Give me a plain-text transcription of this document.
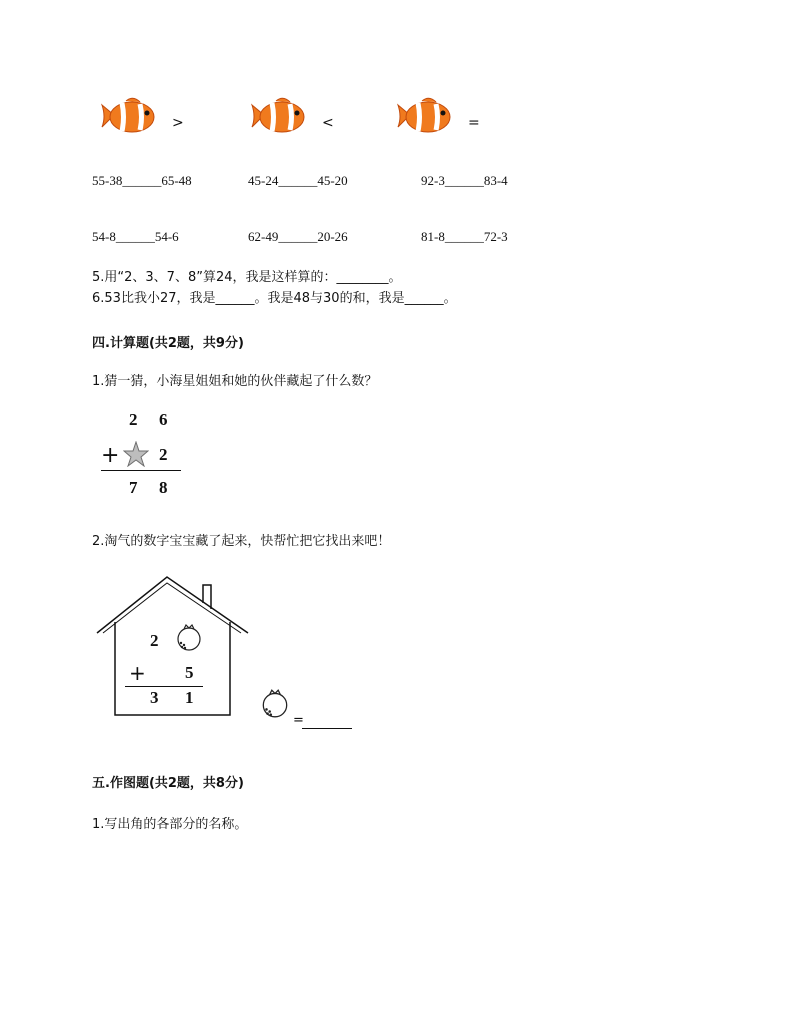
>	<	=
55-38______65-48	45-24______45-20	92-3______83-4
54-8______54-6	62-49______20-26	81-8______72-3
5.用“2、3、7、8”算24，我是这样算的：________。
6.53比我小27，我是______。我是48与30的和，我是______。
四.计算题(共2题，共9分)
1.猜一猜，小海星姐姐和她的伙伴藏起了什么数？
2 6
+ 2
7 8
2.淘气的数字宝宝藏了起来，快帮忙把它找出来吧！
2
+ 5
3 1
=
五.作图题(共2题，共8分)
1.写出角的各部分的名称。
